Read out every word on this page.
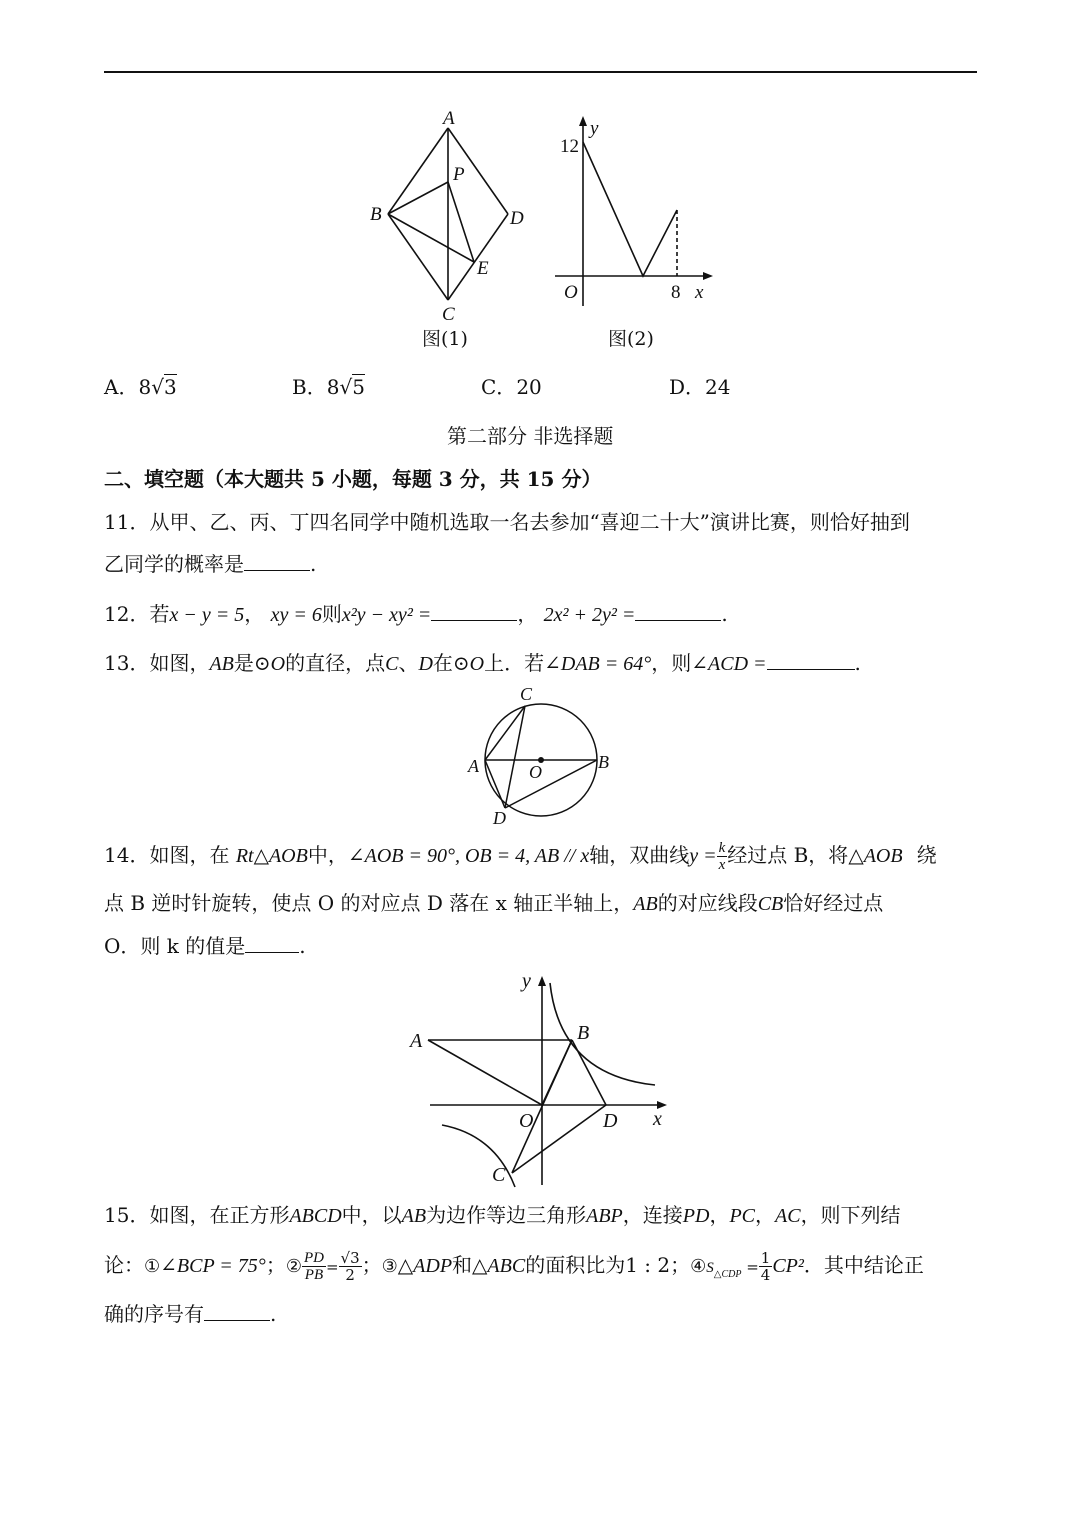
A
B
C
D
E
P
图(1)
y
x
O
12
8
图(2)
A．8√3	B．8√5	C．20	D．24
第二部分 非选择题
二、填空题（本大题共 5 小题，每题 3 分，共 15 分）
11．从甲、乙、丙、丁四名同学中随机选取一名去参加“喜迎二十大”演讲比赛，则恰好抽到
乙同学的概率是	.
12．若x − y = 5， xy = 6则x²y − xy² =	， 2x² + 2y² =	.
13．如图，AB是⊙O的直径，点C、D在⊙O上．若∠DAB = 64°，则∠ACD =	.
A	B
C
D
O
14．如图，在 Rt△AOB中，∠AOB = 90°, OB = 4, AB // x轴，双曲线$y = \frac{k}{x}$ 经过点 B，将△AOB 绕
点 B 逆时针旋转，使点 O 的对应点 D 落在 x 轴正半轴上，AB的对应线段CB恰好经过点
O．则 k 的值是	.
A	B
C
D
O	x
y
15．如图，在正方形ABCD中，以AB为边作等边三角形ABP，连接PD，PC，AC，则下列结
论：①∠BCP = 75°；② $\frac{PD}{PB} = \frac{√3}{2}$ ；③△ADP和△ABC的面积比为1 : 2；$④S_{\triangle CDP} = \frac{1}{4} CP^2$．其中结论正
确的序号有	.
